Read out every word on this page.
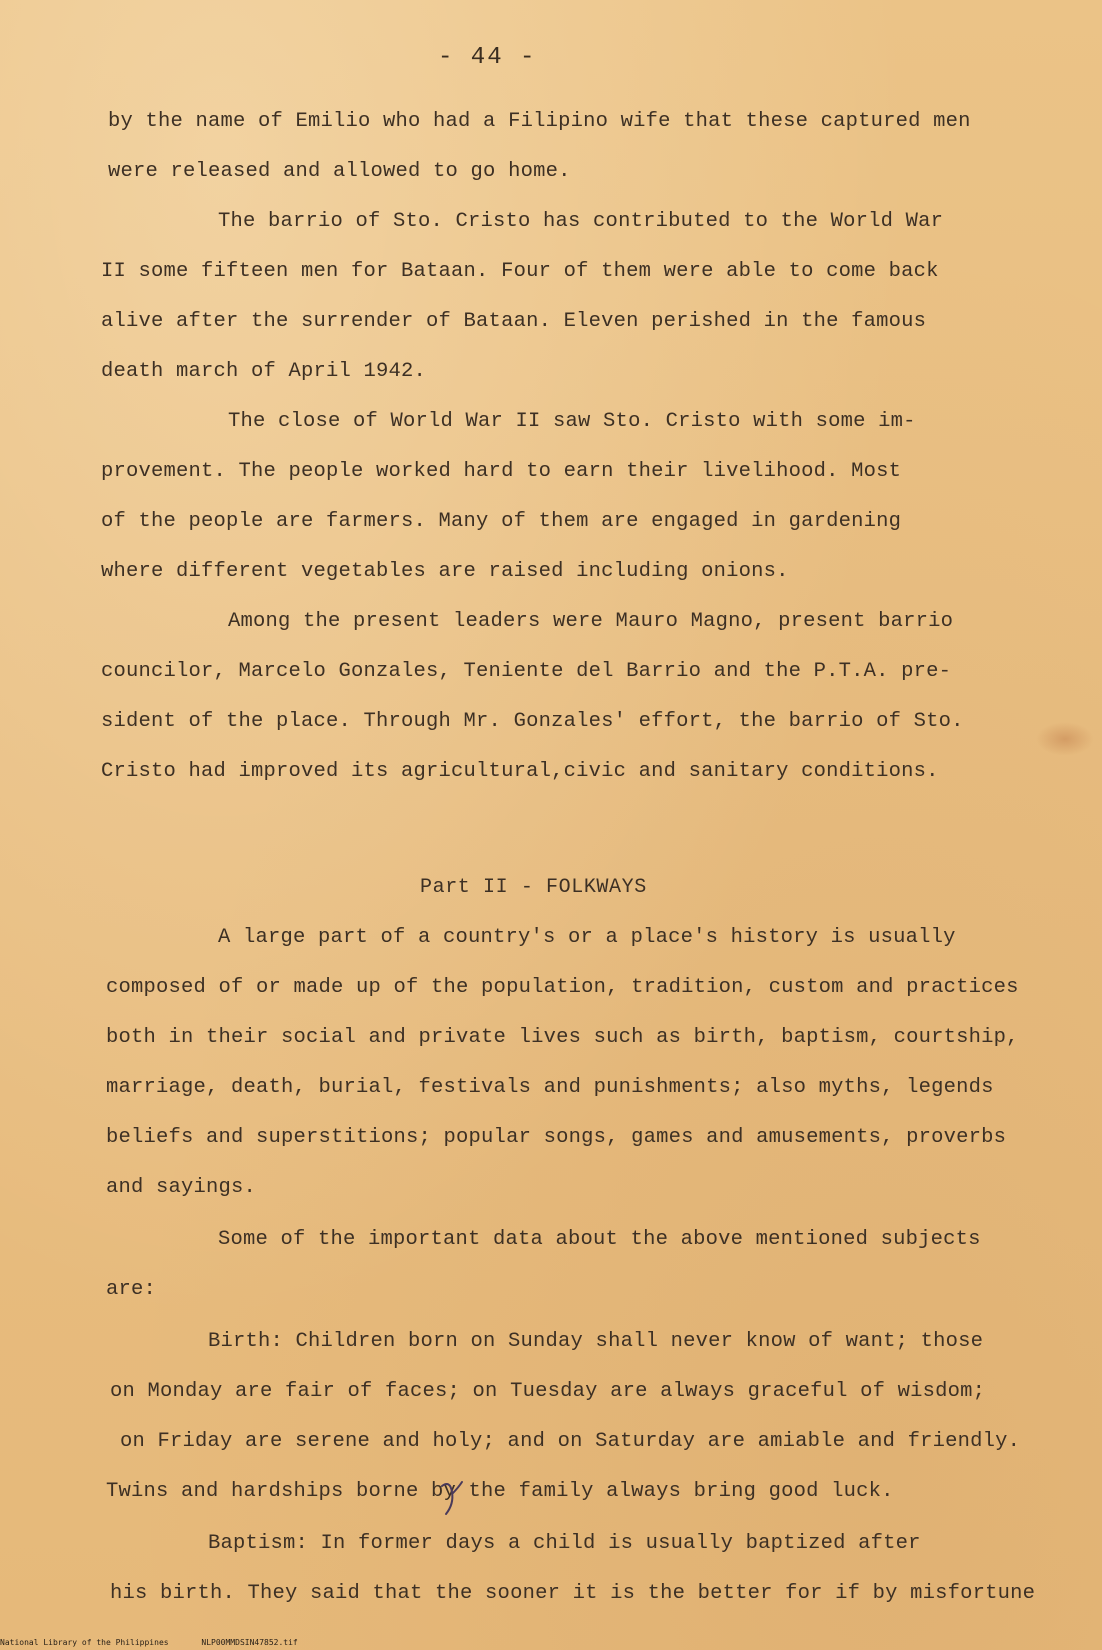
- 44 -
by the name of Emilio who had a Filipino wife that these captured men
were released and allowed to go home.
The barrio of Sto. Cristo has contributed to the World War
II some fifteen men for Bataan. Four of them were able to come back
alive after the surrender of Bataan. Eleven perished in the famous
death march of April 1942.
The close of World War II saw Sto. Cristo with some im-
provement. The people worked hard to earn their livelihood. Most
of the people are farmers. Many of them are engaged in gardening
where different vegetables are raised including onions.
Among the present leaders were Mauro Magno, present barrio
councilor, Marcelo Gonzales, Teniente del Barrio and the P.T.A. pre-
sident of the place. Through Mr. Gonzales' effort, the barrio of Sto.
Cristo had improved its agricultural,civic and sanitary conditions.
Part II - FOLKWAYS
A large part of a country's or a place's history is usually
composed of or made up of the population, tradition, custom and practices
both in their social and private lives such as birth, baptism, courtship,
marriage, death, burial, festivals and punishments; also myths, legends
beliefs and superstitions; popular songs, games and amusements, proverbs
and sayings.
Some of the important data about the above mentioned subjects
are:
Birth: Children born on Sunday shall never know of want; those
on Monday are fair of faces; on Tuesday are always graceful of wisdom;
on Friday are serene and holy; and on Saturday are amiable and friendly.
Twins and hardships borne by the family always bring good luck.
Baptism: In former days a child is usually baptized after
his birth. They said that the sooner it is the better for if by misfortune
National Library of the Philippines	NLP00MMDSIN47852.tif
